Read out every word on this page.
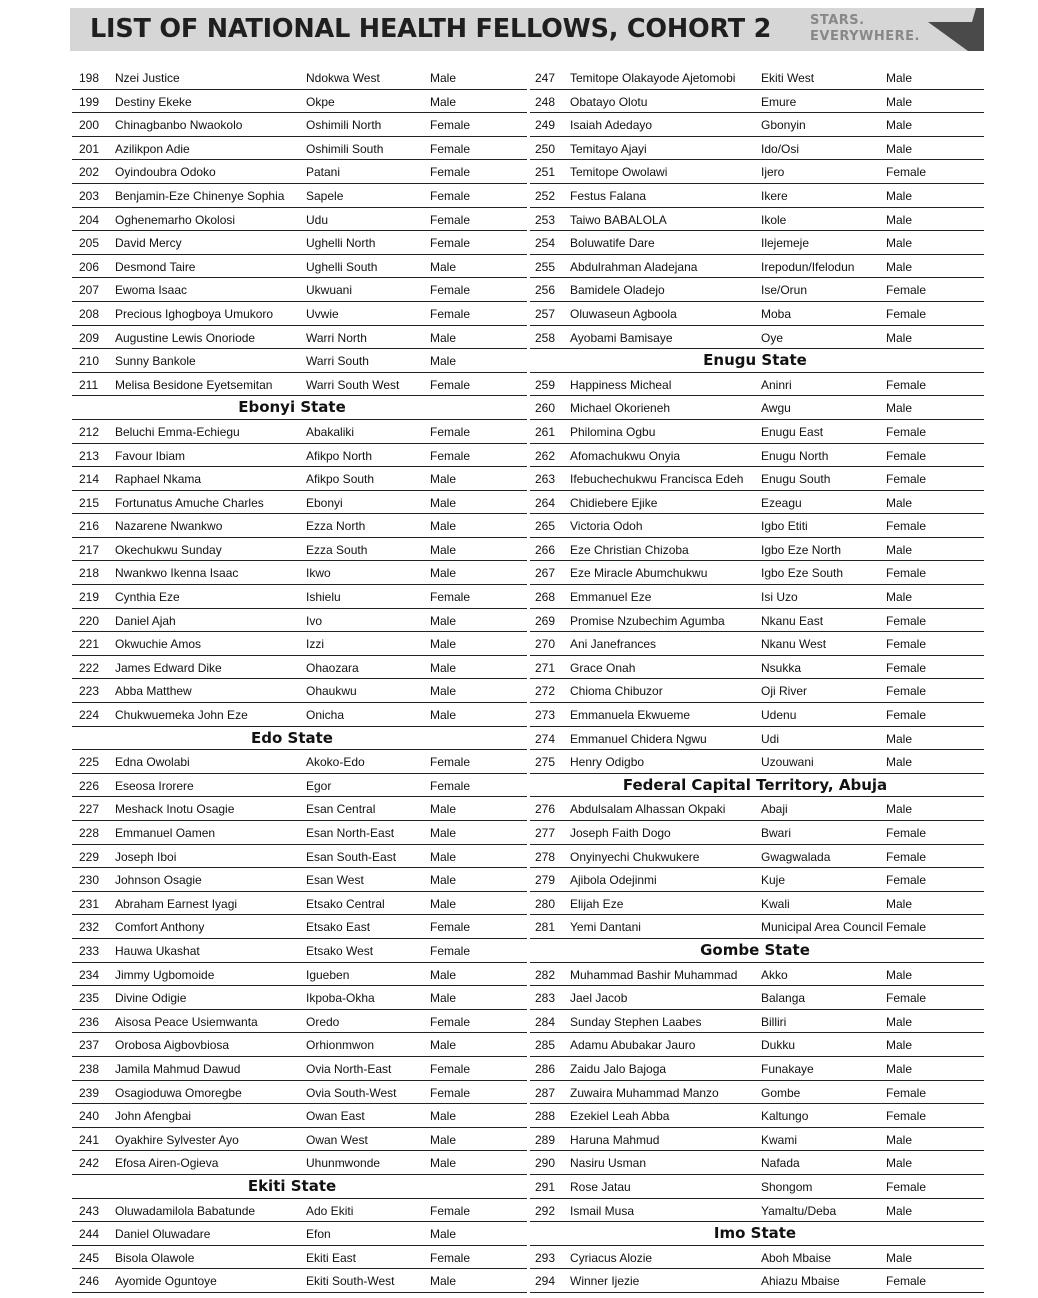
LIST OF NATIONAL HEALTH FELLOWS, COHORT 2	STARS.
EVERYWHERE.
198 Nzei Justice	Ndokwa West	Male
199 Destiny Ekeke	Okpe	Male
200 Chinagbanbo Nwaokolo	Oshimili North	Female
201 Azilikpon Adie	Oshimili South	Female
202 Oyindoubra Odoko	Patani	Female
203 Benjamin-Eze Chinenye Sophia	Sapele	Female
204 Oghenemarho Okolosi	Udu	Female
205 David Mercy	Ughelli North	Female
206 Desmond Taire	Ughelli South	Male
207 Ewoma Isaac	Ukwuani	Female
208 Precious Ighogboya Umukoro	Uvwie	Female
209 Augustine Lewis Onoriode	Warri North	Male
210 Sunny Bankole	Warri South	Male
211 Melisa Besidone Eyetsemitan	Warri South West	Female
Ebonyi State
212 Beluchi Emma-Echiegu	Abakaliki	Female
213 Favour Ibiam	Afikpo North	Female
214 Raphael Nkama	Afikpo South	Male
215 Fortunatus Amuche Charles	Ebonyi	Male
216 Nazarene Nwankwo	Ezza North	Male
217 Okechukwu Sunday	Ezza South	Male
218 Nwankwo Ikenna Isaac	Ikwo	Male
219 Cynthia Eze	Ishielu	Female
220 Daniel Ajah	Ivo	Male
221 Okwuchie Amos	Izzi	Male
222 James Edward Dike	Ohaozara	Male
223 Abba Matthew	Ohaukwu	Male
224 Chukwuemeka John Eze	Onicha	Male
Edo State
225 Edna Owolabi	Akoko-Edo	Female
226 Eseosa Irorere	Egor	Female
227 Meshack Inotu Osagie	Esan Central	Male
228 Emmanuel Oamen	Esan North-East	Male
229 Joseph Iboi	Esan South-East	Male
230 Johnson Osagie	Esan West	Male
231 Abraham Earnest Iyagi	Etsako Central	Male
232 Comfort Anthony	Etsako East	Female
233 Hauwa Ukashat	Etsako West	Female
234 Jimmy Ugbomoide	Igueben	Male
235 Divine Odigie	Ikpoba-Okha	Male
236 Aisosa Peace Usiemwanta	Oredo	Female
237 Orobosa Aigbovbiosa	Orhionmwon	Male
238 Jamila Mahmud Dawud	Ovia North-East	Female
239 Osagioduwa Omoregbe	Ovia South-West	Female
240 John Afengbai	Owan East	Male
241 Oyakhire Sylvester Ayo	Owan West	Male
242 Efosa Airen-Ogieva	Uhunmwonde	Male
Ekiti State
243 Oluwadamilola Babatunde	Ado Ekiti	Female
244 Daniel Oluwadare	Efon	Male
245 Bisola Olawole	Ekiti East	Female
246 Ayomide Oguntoye	Ekiti South-West	Male
247 Temitope Olakayode Ajetomobi	Ekiti West	Male
248 Obatayo Olotu	Emure	Male
249 Isaiah Adedayo	Gbonyin	Male
250 Temitayo Ajayi	Ido/Osi	Male
251 Temitope Owolawi	Ijero	Female
252 Festus Falana	Ikere	Male
253 Taiwo BABALOLA	Ikole	Male
254 Boluwatife Dare	Ilejemeje	Male
255 Abdulrahman Aladejana	Irepodun/Ifelodun	Male
256 Bamidele Oladejo	Ise/Orun	Female
257 Oluwaseun Agboola	Moba	Female
258 Ayobami Bamisaye	Oye	Male
Enugu State
259 Happiness Micheal	Aninri	Female
260 Michael Okorieneh	Awgu	Male
261 Philomina Ogbu	Enugu East	Female
262 Afomachukwu Onyia	Enugu North	Female
263 Ifebuchechukwu Francisca Edeh	Enugu South	Female
264 Chidiebere Ejike	Ezeagu	Male
265 Victoria Odoh	Igbo Etiti	Female
266 Eze Christian Chizoba	Igbo Eze North	Male
267 Eze Miracle Abumchukwu	Igbo Eze South	Female
268 Emmanuel Eze	Isi Uzo	Male
269 Promise Nzubechim Agumba	Nkanu East	Female
270 Ani Janefrances	Nkanu West	Female
271 Grace Onah	Nsukka	Female
272 Chioma Chibuzor	Oji River	Female
273 Emmanuela Ekwueme	Udenu	Female
274 Emmanuel Chidera Ngwu	Udi	Male
275 Henry Odigbo	Uzouwani	Male
Federal Capital Territory, Abuja
276 Abdulsalam Alhassan Okpaki	Abaji	Male
277 Joseph Faith Dogo	Bwari	Female
278 Onyinyechi Chukwukere	Gwagwalada	Female
279 Ajibola Odejinmi	Kuje	Female
280 Elijah Eze	Kwali	Male
281 Yemi Dantani	Municipal Area Council Female
Gombe State
282 Muhammad Bashir Muhammad	Akko	Male
283 Jael Jacob	Balanga	Female
284 Sunday Stephen Laabes	Billiri	Male
285 Adamu Abubakar Jauro	Dukku	Male
286 Zaidu Jalo Bajoga	Funakaye	Male
287 Zuwaira Muhammad Manzo	Gombe	Female
288 Ezekiel Leah Abba	Kaltungo	Female
289 Haruna Mahmud	Kwami	Male
290 Nasiru Usman	Nafada	Male
291 Rose Jatau	Shongom	Female
292 Ismail Musa	Yamaltu/Deba	Male
Imo State
293 Cyriacus Alozie	Aboh Mbaise	Male
294 Winner Ijezie	Ahiazu Mbaise	Female
